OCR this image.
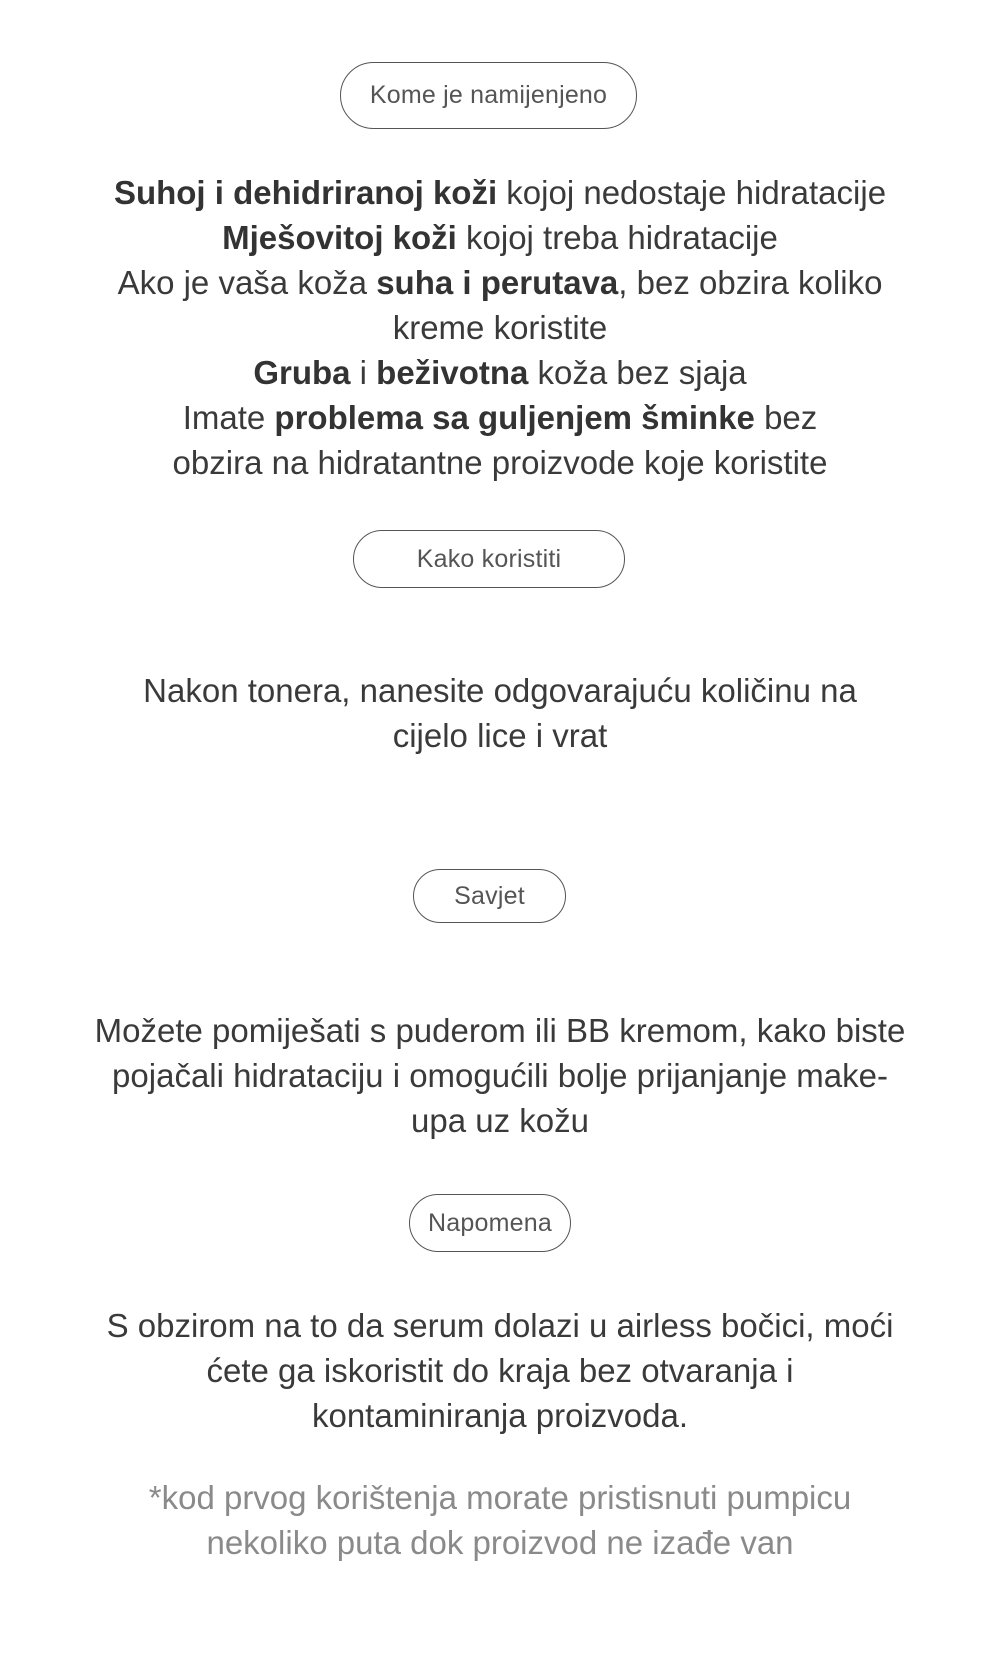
Kome je namijenjeno

Suhoj i dehidriranoj koži kojoj nedostaje hidratacije

Mješovitoj koži kojoj treba hidratacije

Ako je vaša koža suha i perutava, bez obzira koliko kreme koristite

Gruba i beživotna koža bez sjaja

Imate problema sa guljenjem šminke bez obzira na hidratantne proizvode koje koristite

Kako koristiti

Nakon tonera, nanesite odgovarajuću količinu na cijelo lice i vrat

Savjet

Možete pomiješati s puderom ili BB kremom, kako biste pojačali hidrataciju i omogućili bolje prijanjanje make-upa uz kožu

Napomena

S obzirom na to da serum dolazi u airless bočici, moći ćete ga iskoristit do kraja bez otvaranja i kontaminiranja proizvoda.

*kod prvog korištenja morate pristisnuti pumpicu nekoliko puta dok proizvod ne izađe van
